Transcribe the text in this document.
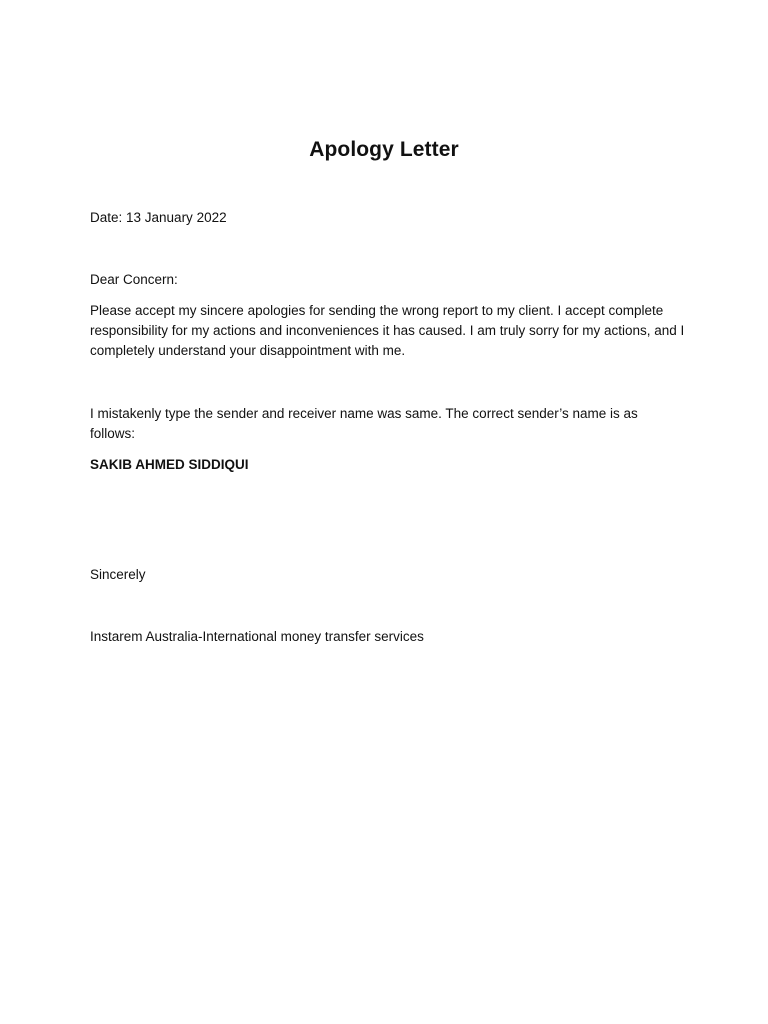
Apology Letter

Date: 13 January 2022

Dear Concern:

Please accept my sincere apologies for sending the wrong report to my client. I accept complete responsibility for my actions and inconveniences it has caused. I am truly sorry for my actions, and I completely understand your disappointment with me.

I mistakenly type the sender and receiver name was same. The correct sender’s name is as follows:

SAKIB AHMED SIDDIQUI

Sincerely

Instarem Australia-International money transfer services
